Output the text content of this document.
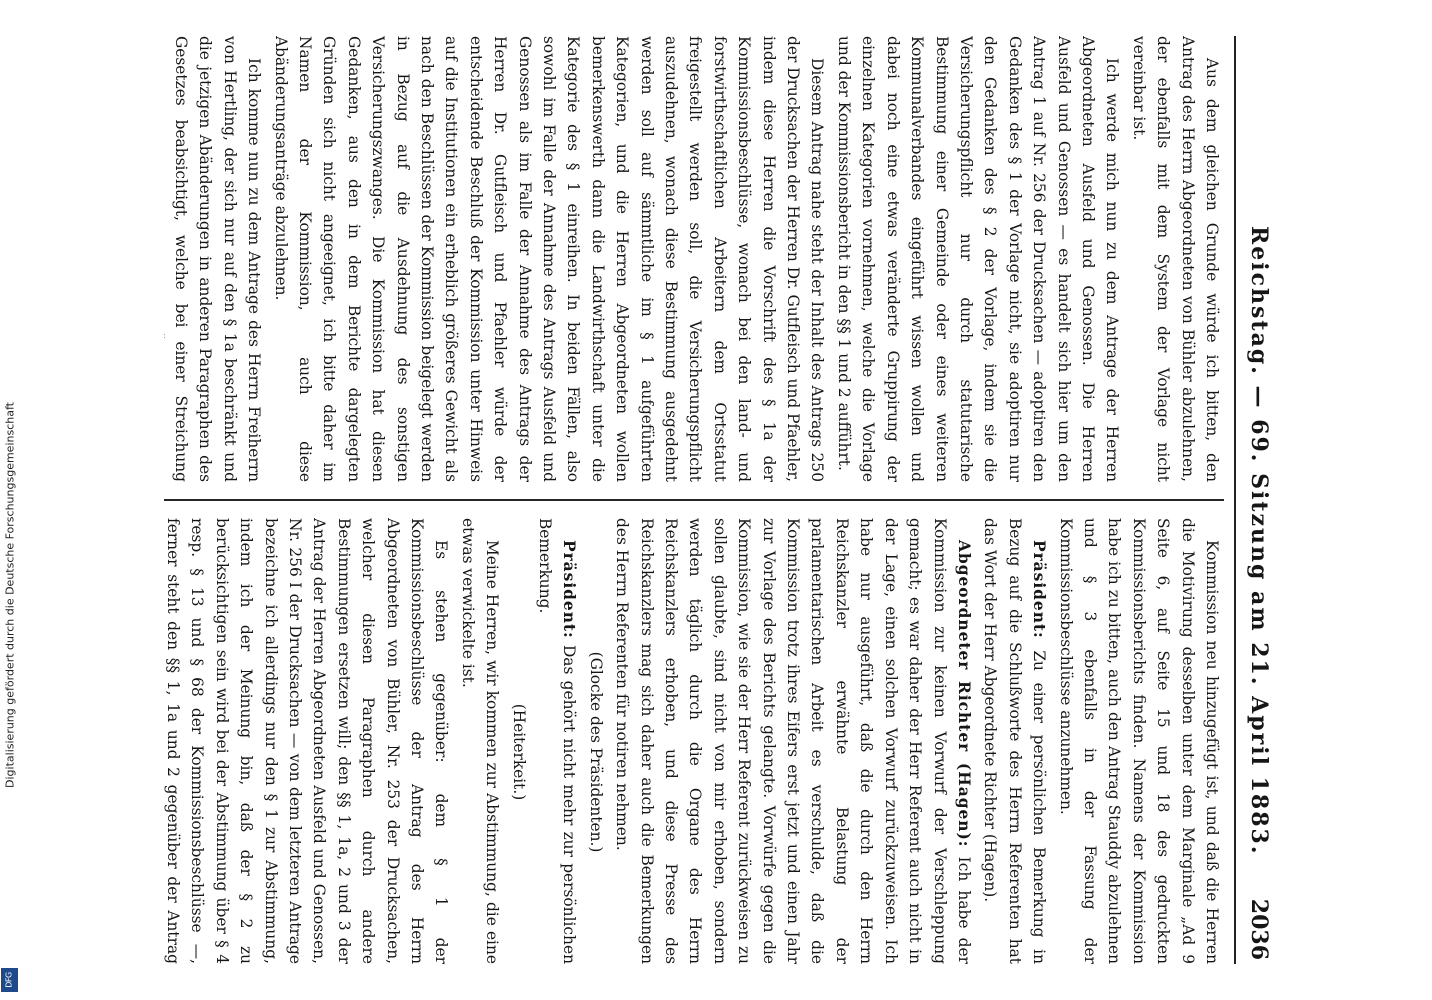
Reichstag. — 69. Sitzung am 21. April 1883.
2036

Aus dem gleichen Grunde würde ich bitten, den Antrag des Herrn Abgeordneten von Bühler abzulehnen, der ebenfalls mit dem System der Vorlage nicht vereinbar ist.

Ich werde mich nun zu dem Antrage der Herren Abgeordneten Ausfeld und Genossen. Die Herren Ausfeld und Genossen — es handelt sich hier um den Antrag 1 auf Nr. 256 der Drucksachen — adoptiren den Gedanken des § 1 der Vorlage nicht, sie adoptiren nur den Gedanken des § 2 der Vorlage, indem sie die Versicherungspflicht nur durch statutarische Bestimmung einer Gemeinde oder eines weiteren Kommunalverbandes eingeführt wissen wollen und dabei noch eine etwas veränderte Gruppirung der einzelnen Kategorien vornehmen, welche die Vorlage und der Kommissionsbericht in den §§ 1 und 2 aufführt.

Diesem Antrag nahe steht der Inhalt des Antrags 250 der Drucksachen der Herren Dr. Gutfleisch und Pfaehler, indem diese Herren die Vorschrift des § 1a der Kommissionsbeschlüsse, wonach bei den land- und forstwirthschaftlichen Arbeitern dem Ortsstatut freigestellt werden soll, die Versicherungspflicht auszudehnen, wonach diese Bestimmung ausgedehnt werden soll auf sämmtliche im § 1 aufgeführten Kategorien, und die Herren Abgeordneten wollen bemerkenswerth dann die Landwirthschaft unter die Kategorie des § 1 einreihen. In beiden Fällen, also sowohl im Falle der Annahme des Antrags Ausfeld und Genossen als im Falle der Annahme des Antrags der Herren Dr. Gutfleisch und Pfaehler würde der entscheidende Beschluß der Kommission unter Hinweis auf die Institutionen ein erheblich größeres Gewicht als nach den Beschlüssen der Kommission beigelegt werden in Bezug auf die Ausdehnung des sonstigen Versicherungszwanges. Die Kommission hat diesen Gedanken, aus den in dem Berichte dargelegten Gründen sich nicht angeeignet, ich bitte daher im Namen der Kommission, auch diese Abänderungsanträge abzulehnen.

Ich komme nun zu dem Antrage des Herrn Freiherrn von Hertling, der sich nur auf den § 1a beschränkt und die jetzigen Abänderungen in anderen Paragraphen des Gesetzes beabsichtigt, welche bei einer Streichung

Kommission neu hinzugefügt ist, und daß die Herren die Motivirung desselben unter dem Marginale „Ad 9 Seite 6, auf Seite 15 und 18 des gedruckten Kommissionsberichts finden. Namens der Kommission habe ich zu bitten, auch den Antrag Stauddy abzulehnen und § 3 ebenfalls in der Fassung der Kommissionsbeschlüsse anzunehmen.

Präsident: Zu einer persönlichen Bemerkung in Bezug auf die Schlußworte des Herrn Referenten hat das Wort der Herr Abgeordnete Richter (Hagen).

Abgeordneter Richter (Hagen): Ich habe der Kommission zur keinen Vorwurf der Verschleppung gemacht; es war daher der Herr Referent auch nicht in der Lage, einen solchen Vorwurf zurückzuweisen. Ich habe nur ausgeführt, daß die durch den Herrn Reichskanzler erwähnte Belastung der parlamentarischen Arbeit es verschulde, daß die Kommission trotz ihres Eifers erst jetzt und einen Jahr zur Vorlage des Berichts gelangte. Vorwürfe gegen die Kommission, wie sie der Herr Referent zurückweisen zu sollen glaubte, sind nicht von mir erhoben, sondern werden täglich durch die Organe des Herrn Reichskanzlers erhoben, und diese Presse des Reichskanzlers mag sich daher auch die Bemerkungen des Herrn Referenten für notiren nehmen.

(Glocke des Präsidenten.)

Präsident: Das gehört nicht mehr zur persönlichen Bemerkung.

(Heiterkeit.)

Meine Herren, wir kommen zur Abstimmung, die eine etwas verwickelte ist.

Es stehen gegenüber: dem § 1 der Kommissionsbeschlüsse der Antrag des Herrn Abgeordneten von Bühler, Nr. 253 der Drucksachen, welcher diesen Paragraphen durch andere Bestimmungen ersetzen will; den §§ 1, 1a, 2 und 3 der Antrag der Herren Abgeordneten Ausfeld und Genossen, Nr. 256 I der Drucksachen — von dem letzteren Antrage bezeichne ich allerdings nur den § 1 zur Abstimmung, indem ich der Meinung bin, daß der § 2 zu berücksichtigen sein wird bei der Abstimmung über § 4 resp. § 13 und § 68 der Kommissionsbeschlüsse —, ferner steht den §§ 1, 1a und 2 gegenüber der Antrag

Digitalisierung gefördert durch die Deutsche Forschungsgemeinschaft
DFG
